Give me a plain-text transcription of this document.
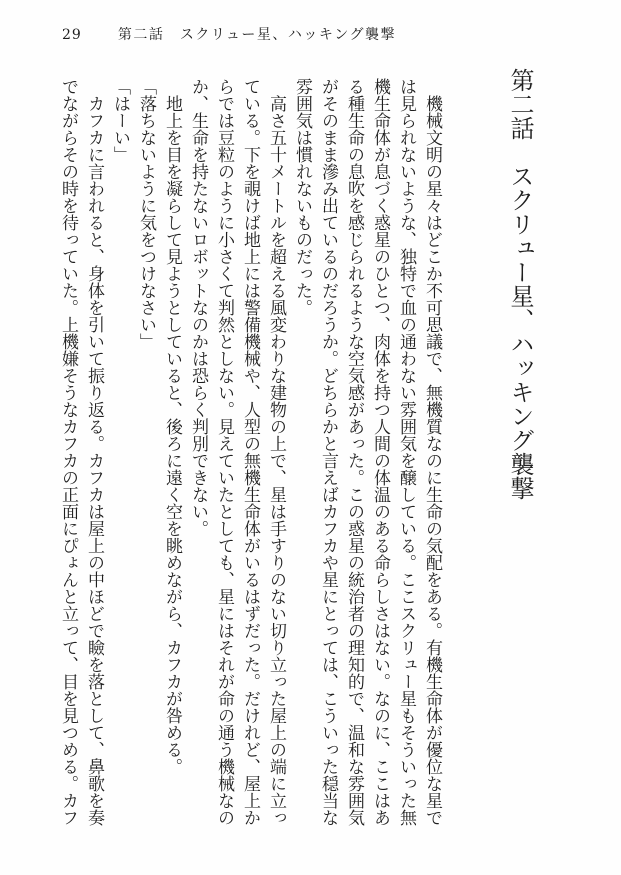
29	第二話　スクリュー星、ハッキング襲撃
第二話　スクリュー星、ハッキング襲撃
　機械文明の星々はどこか不可思議で、無機質なのに生命の気配をある。有機生命体が優位な星で
は見られないような、独特で血の通わない雰囲気を醸している。ここスクリュー星もそういった無
機生命体が息づく惑星のひとつ、肉体を持つ人間の体温のある命らしさはない。なのに、ここはあ
る種生命の息吹を感じられるような空気感があった。この惑星の統治者の理知的で、温和な雰囲気
がそのまま滲み出ているのだろうか。どちらかと言えばカフカや星にとっては、こういった穏当な
雰囲気は慣れないものだった。
　高さ五十メートルを超える風変わりな建物の上で、星は手すりのない切り立った屋上の端に立っ
ている。下を覗けば地上には警備機械や、人型の無機生命体がいるはずだった。だけれど、屋上か
らでは豆粒のように小さくて判然としない。見えていたとしても、星にはそれが命の通う機械なの
か、生命を持たないロボットなのかは恐らく判別できない。
　地上を目を凝らして見ようとしていると、後ろに遠く空を眺めながら、カフカが咎める。
「落ちないように気をつけなさい」
「はーい」
　カフカに言われると、身体を引いて振り返る。カフカは屋上の中ほどで瞼を落として、鼻歌を奏
でながらその時を待っていた。上機嫌そうなカフカの正面にぴょんと立って、目を見つめる。カフ
